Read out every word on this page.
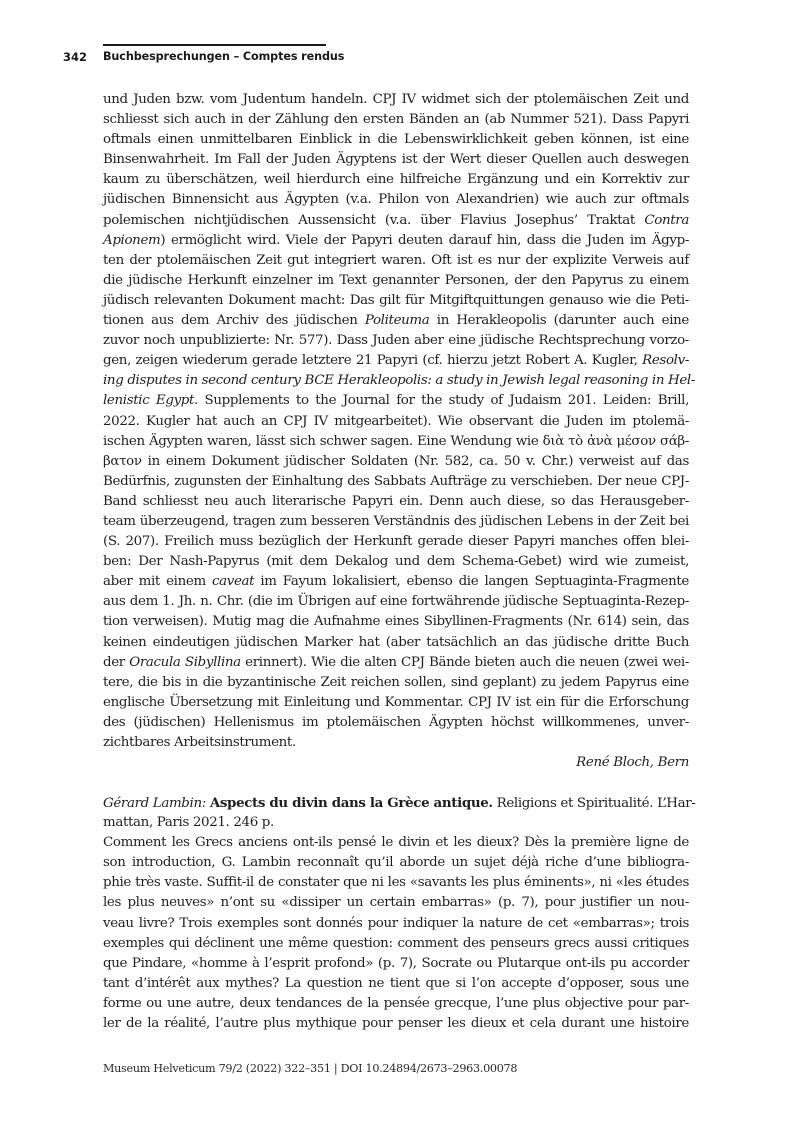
342 Buchbesprechungen – Comptes rendus
und Juden bzw. vom Judentum handeln. CPJ IV widmet sich der ptolemäischen Zeit und
schliesst sich auch in der Zählung den ersten Bänden an (ab Nummer 521). Dass Papyri
oftmals einen unmittelbaren Einblick in die Lebenswirklichkeit geben können, ist eine
Binsenwahrheit. Im Fall der Juden Ägyptens ist der Wert dieser Quellen auch deswegen
kaum zu überschätzen, weil hierdurch eine hilfreiche Ergänzung und ein Korrektiv zur
jüdischen Binnensicht aus Ägypten (v.a. Philon von Alexandrien) wie auch zur oftmals
polemischen nichtjüdischen Aussensicht (v.a. über Flavius Josephus’ Traktat Contra
Apionem) ermöglicht wird. Viele der Papyri deuten darauf hin, dass die Juden im Ägyp-
ten der ptolemäischen Zeit gut integriert waren. Oft ist es nur der explizite Verweis auf
die jüdische Herkunft einzelner im Text genannter Personen, der den Papyrus zu einem
jüdisch relevanten Dokument macht: Das gilt für Mitgiftquittungen genauso wie die Peti-
tionen aus dem Archiv des jüdischen Politeuma in Herakleopolis (darunter auch eine
zuvor noch unpublizierte: Nr. 577). Dass Juden aber eine jüdische Rechtsprechung vorzo-
gen, zeigen wiederum gerade letztere 21 Papyri (cf. hierzu jetzt Robert A. Kugler, Resolv-
ing disputes in second century BCE Herakleopolis: a study in Jewish legal reasoning in Hel-
lenistic Egypt. Supplements to the Journal for the study of Judaism 201. Leiden: Brill,
2022. Kugler hat auch an CPJ IV mitgearbeitet). Wie observant die Juden im ptolemä-
ischen Ägypten waren, lässt sich schwer sagen. Eine Wendung wie διὰ τὸ ἀνὰ μέσον σάβ-
βατον in einem Dokument jüdischer Soldaten (Nr. 582, ca. 50 v. Chr.) verweist auf das
Bedürfnis, zugunsten der Einhaltung des Sabbats Aufträge zu verschieben. Der neue CPJ-
Band schliesst neu auch literarische Papyri ein. Denn auch diese, so das Herausgeber-
team überzeugend, tragen zum besseren Verständnis des jüdischen Lebens in der Zeit bei
(S. 207). Freilich muss bezüglich der Herkunft gerade dieser Papyri manches offen blei-
ben: Der Nash-Papyrus (mit dem Dekalog und dem Schema-Gebet) wird wie zumeist,
aber mit einem caveat im Fayum lokalisiert, ebenso die langen Septuaginta-Fragmente
aus dem 1. Jh. n. Chr. (die im Übrigen auf eine fortwährende jüdische Septuaginta-Rezep-
tion verweisen). Mutig mag die Aufnahme eines Sibyllinen-Fragments (Nr. 614) sein, das
keinen eindeutigen jüdischen Marker hat (aber tatsächlich an das jüdische dritte Buch
der Oracula Sibyllina erinnert). Wie die alten CPJ Bände bieten auch die neuen (zwei wei-
tere, die bis in die byzantinische Zeit reichen sollen, sind geplant) zu jedem Papyrus eine
englische Übersetzung mit Einleitung und Kommentar. CPJ IV ist ein für die Erforschung
des (jüdischen) Hellenismus im ptolemäischen Ägypten höchst willkommenes, unver-
zichtbares Arbeitsinstrument.
René Bloch, Bern
Gérard Lambin: Aspects du divin dans la Grèce antique. Religions et Spiritualité. L’Har-
mattan, Paris 2021. 246 p.
Comment les Grecs anciens ont-ils pensé le divin et les dieux? Dès la première ligne de
son introduction, G. Lambin reconnaît qu’il aborde un sujet déjà riche d’une bibliogra-
phie très vaste. Suffit-il de constater que ni les «savants les plus éminents», ni «les études
les plus neuves» n’ont su «dissiper un certain embarras» (p. 7), pour justifier un nou-
veau livre? Trois exemples sont donnés pour indiquer la nature de cet «embarras»; trois
exemples qui déclinent une même question: comment des penseurs grecs aussi critiques
que Pindare, «homme à l’esprit profond» (p. 7), Socrate ou Plutarque ont-ils pu accorder
tant d’intérêt aux mythes? La question ne tient que si l’on accepte d’opposer, sous une
forme ou une autre, deux tendances de la pensée grecque, l’une plus objective pour par-
ler de la réalité, l’autre plus mythique pour penser les dieux et cela durant une histoire
Museum Helveticum 79/2 (2022) 322–351 | DOI 10.24894/2673–2963.00078
